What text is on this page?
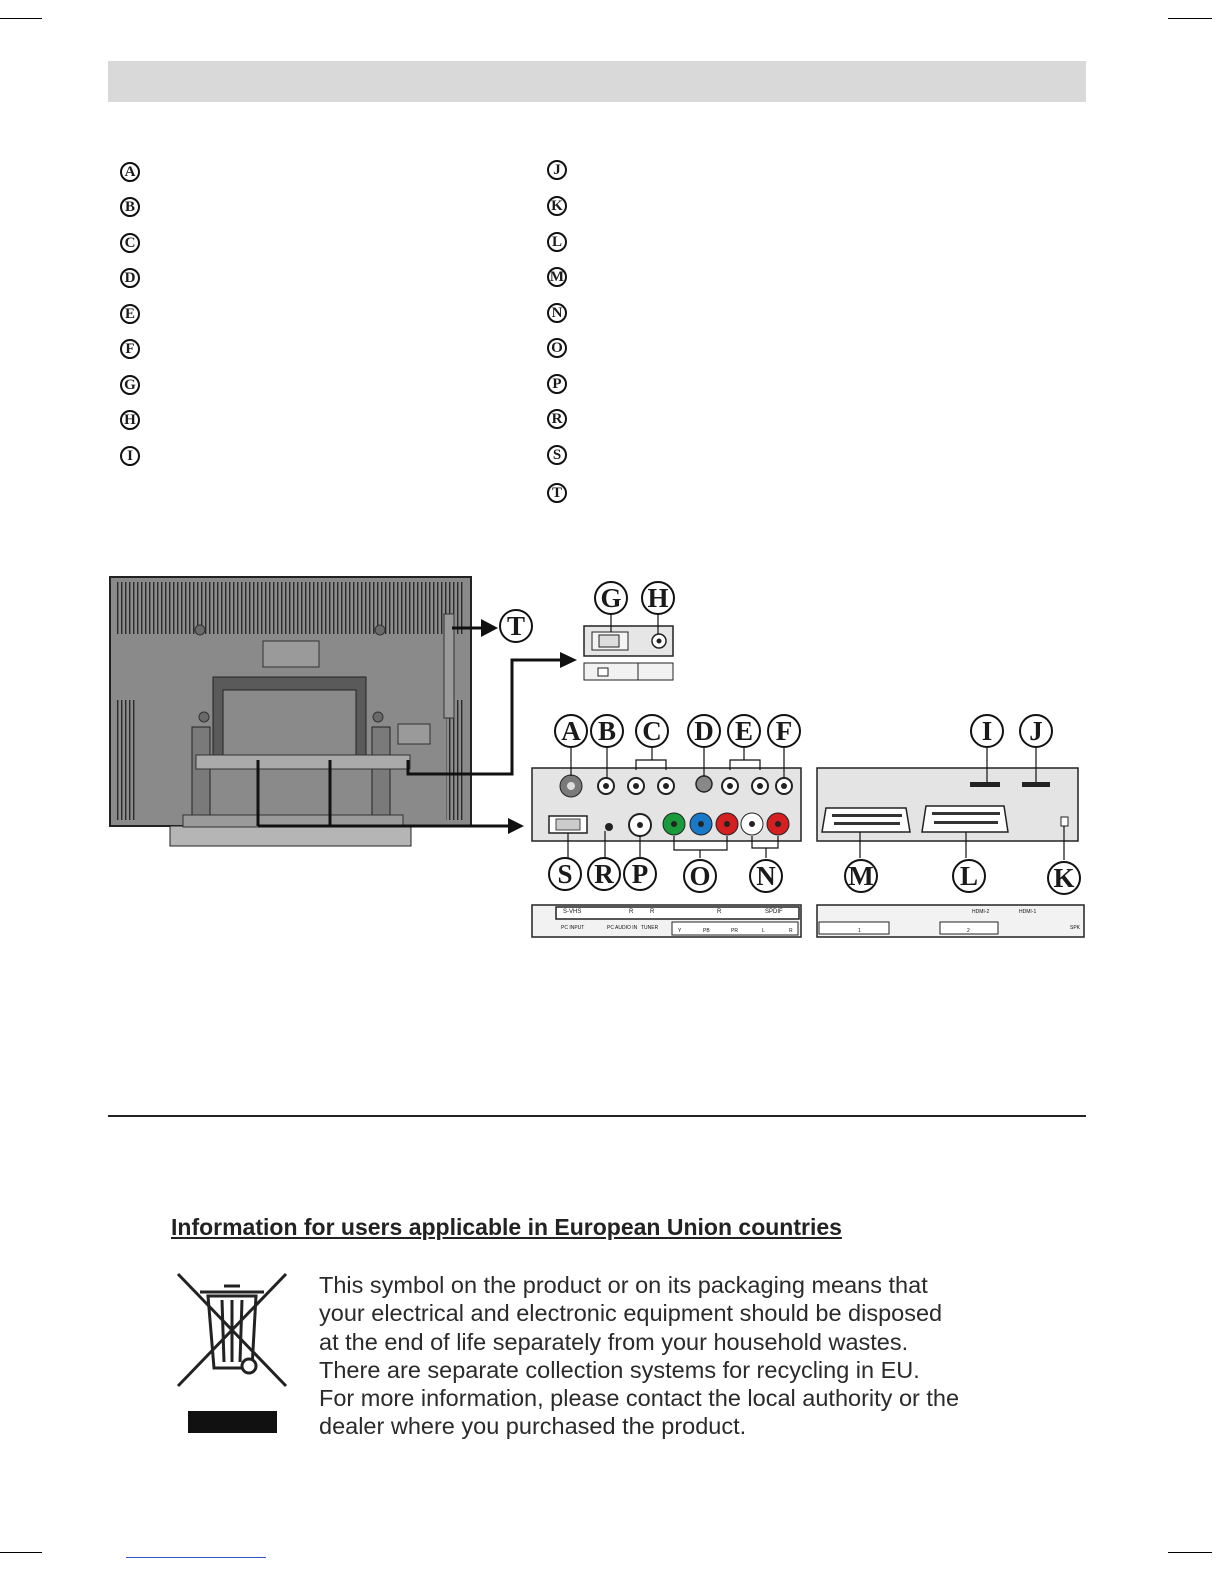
A
B
C
D
E
F
G
H
I
J
K
L
M
N
O
P
R
S
T
T
G H
A B C D E F	I	J
S R P	O N	M	L	K
S-VHS	R	R	R	SPDIF
PC INPUT	PC AUDIO IN TUNER	Y	PB	PR	L	R
HDMI-2	HDMI-1
1	2	SPK
Information for users applicable in European Union countries
This symbol on the product or on its packaging means that
your electrical and electronic equipment should be disposed
at the end of life separately from your household wastes.
There are separate collection systems for recycling in EU.
For more information, please contact the local authority or the
dealer where you purchased the product.
